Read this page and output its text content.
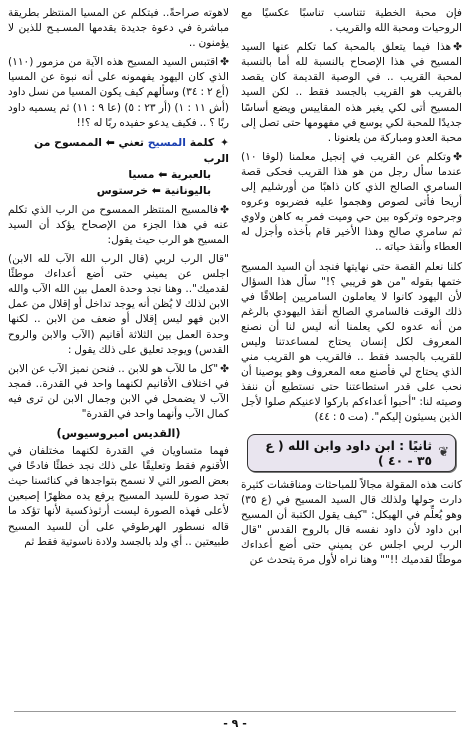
فإن محبة الخطية تتناسب تناسبًا عكسيًا مع الروحيات ومحبة الله والقريب .

✤هذا فيما يتعلق بالمحبة كما تكلم عنها السيد المسيح في هذا الإصحاح بالنسبة لله أما بالنسبة لمحبة القريب .. في الوصية القديمة كان يقصد بالقريب هو القريب بالجسد فقط .. لكن السيد المسيح أتى لكي يغير هذه المقاييس ويضع أساسًا جديدًا للمحبة لكي يوسع في مفهومها حتى تصل إلى محبة العدو ومباركة من يلعنونا .

✤وتكلم عن القريب في إنجيل معلمنا (لوقا ١٠) عندما سأل رجل من هو هذا القريب فحكى قصة السامري الصالح الذي كان ذاهبًا من أورشليم إلى أريحا فأتى لصوص وهجموا عليه فضربوه وعروه وجرحوه وتركوه بين حي وميت فمر به كاهن ولاوي ثم سامري صالح وهذا الأخير قام بأخذه وأجزل له العطاء وأنقذ حياته ..

كلنا نعلم القصة حتى نهايتها فنجد أن السيد المسيح ختمها بقوله "من هو قريبي ؟!" سأل هذا السؤال لأن اليهود كانوا لا يعاملون السامريين إطلاقًا في ذلك الوقت فالسامري الصالح أنقذ اليهودي بالرغم من أنه عدوه لكي يعلمنا أنه ليس لنا أن نصنع المعروف لكل إنسان يحتاج لمساعدتنا وليس للقريب بالجسد فقط .. فالقريب هو القريب مني الذي يحتاج لي فأصنع معه المعروف وهو يوصينا أن نحب على قدر استطاعتنا حتى نستطيع أن ننفذ وصيته لنا: "أحبوا أعداءكم باركوا لاعنيكم صلوا لأجل الذين يسيئون إليكم". (مت ٥ : ٤٤)

❦
ثانيًا : ابن داود وابن الله ( ع ٣٥ - ٤٠ )

كانت هذه المقولة مجالاً للمباحثات ومناقشات كثيرة دارت حولها ولذلك قال السيد المسيح في (ع ٣٥) وهو يُعلِّم في الهيكل: "كيف يقول الكتبة أن المسيح ابن داود لأن داود نفسه قال بالروح القدس "قال الرب لربي اجلس عن يميني حتى أضع أعداءك موطئًا لقدميك !!"" وهنا نراه لأول مرة يتحدث عن

لاهوته صراحةً.. فيتكلم عن المسيا المنتظر بطريقة مباشرة في دعوة جديدة يقدمها المسـيـح للذين لا يؤمنون ..

✤اقتبس السيد المسيح هذه الآية من مزمور (١١٠) الذي كان اليهود يفهمونه على أنه نبوة عن المسيا (أع ٢ : ٣٤) وسألهم كيف يكون المسيا من نسل داود (أش ١١ : ١) (أر ٢٣ : ٥) (عا ٩ : ١١) ثم يسميه داود ربًا ؟ .. فكيف يدعو حفيده ربًا له ؟!!

✦ كلمة المسيح تعني ⬅ الممسوح من الرب

بالعبرية ⬅ مسيا

باليونانية ⬅ خرستوس

✤فالمسيح المنتظر الممسوح من الرب الذي تكلم عنه في هذا الجزء من الإصحاح يؤكد أن السيد المسيح هو الرب حيث يقول:

"قال الرب لربي (قال الرب الله الآب لله الابن) اجلس عن يميني حتى أضع أعداءك موطئًا لقدميك".. وهنا نجد وحدة العمل بين الله الآب والله الابن لذلك لا يُظن أنه يوجد تداخل أو إقلال من عمل الابن فهو ليس إقلال أو ضعف من الابن .. لكنها وحدة العمل بين الثلاثة أقانيم (الآب والابن والروح القدس) ويوجد تعليق على ذلك يقول :

✤"كل ما للآب هو للابن .. فنحن نميز الآب عن الابن في اختلاف الأقانيم لكنهما واحد في القدرة.. فمجد الآب لا يضمحل في الابن وجمال الابن لن ترى فيه كمال الآب وأنهما واحد في القدرة"

(القديس امبروسيوس)

فهما متساويان في القدرة لكنهما مختلفان في الأقنوم فقط وتعليقًا على ذلك نجد خطئًا فادحًا في بعض الصور التي لا نسمح بتواجدها في كنائسنا حيث تجد صورة للسيد المسيح يرفع يده مظهرًا إصبعين لأعلى فهذه الصورة ليست أرثوذكسية لأنها تؤكد ما قاله نسطور الهرطوقي على أن للسيد المسيح طبيعتين .. أي ولد بالجسد ولادة ناسوتية فقط ثم

- ٩ -
